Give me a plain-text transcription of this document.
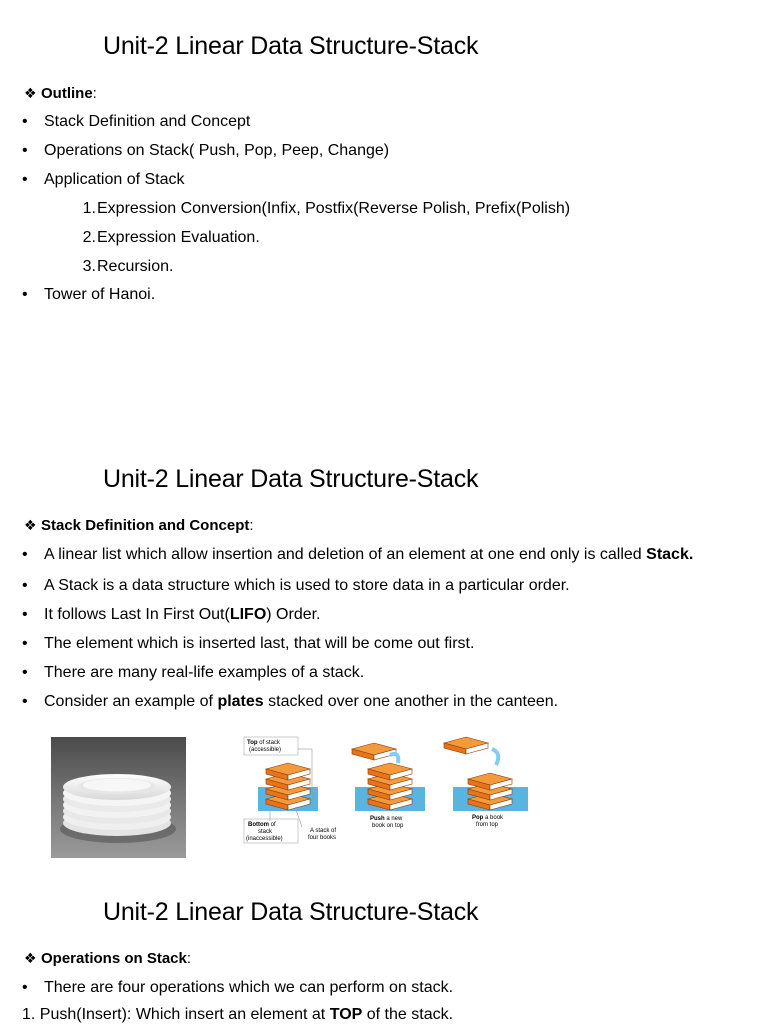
Unit-2 Linear Data Structure-Stack
❖ Outline:
• Stack Definition and Concept
• Operations on Stack( Push, Pop, Peep, Change)
• Application of Stack
1.Expression Conversion(Infix, Postfix(Reverse Polish, Prefix(Polish)
2.Expression Evaluation.
3.Recursion.
• Tower of Hanoi.
Unit-2 Linear Data Structure-Stack
❖ Stack Definition and Concept:
• A linear list which allow insertion and deletion of an element at one end only is called Stack.
• A Stack is a data structure which is used to store data in a particular order.
• It follows Last In First Out(LIFO) Order.
• The element which is inserted last, that will be come out first.
• There are many real-life examples of a stack.
• Consider an example of plates stacked over one another in the canteen.
Top of stack
(accessible)
Bottom of
stack
(inaccessible)
A stack of
four books
Push a new
book on top
Pop a book
from top
Unit-2 Linear Data Structure-Stack
❖ Operations on Stack:
• There are four operations which we can perform on stack.
1. Push(Insert): Which insert an element at TOP of the stack.
